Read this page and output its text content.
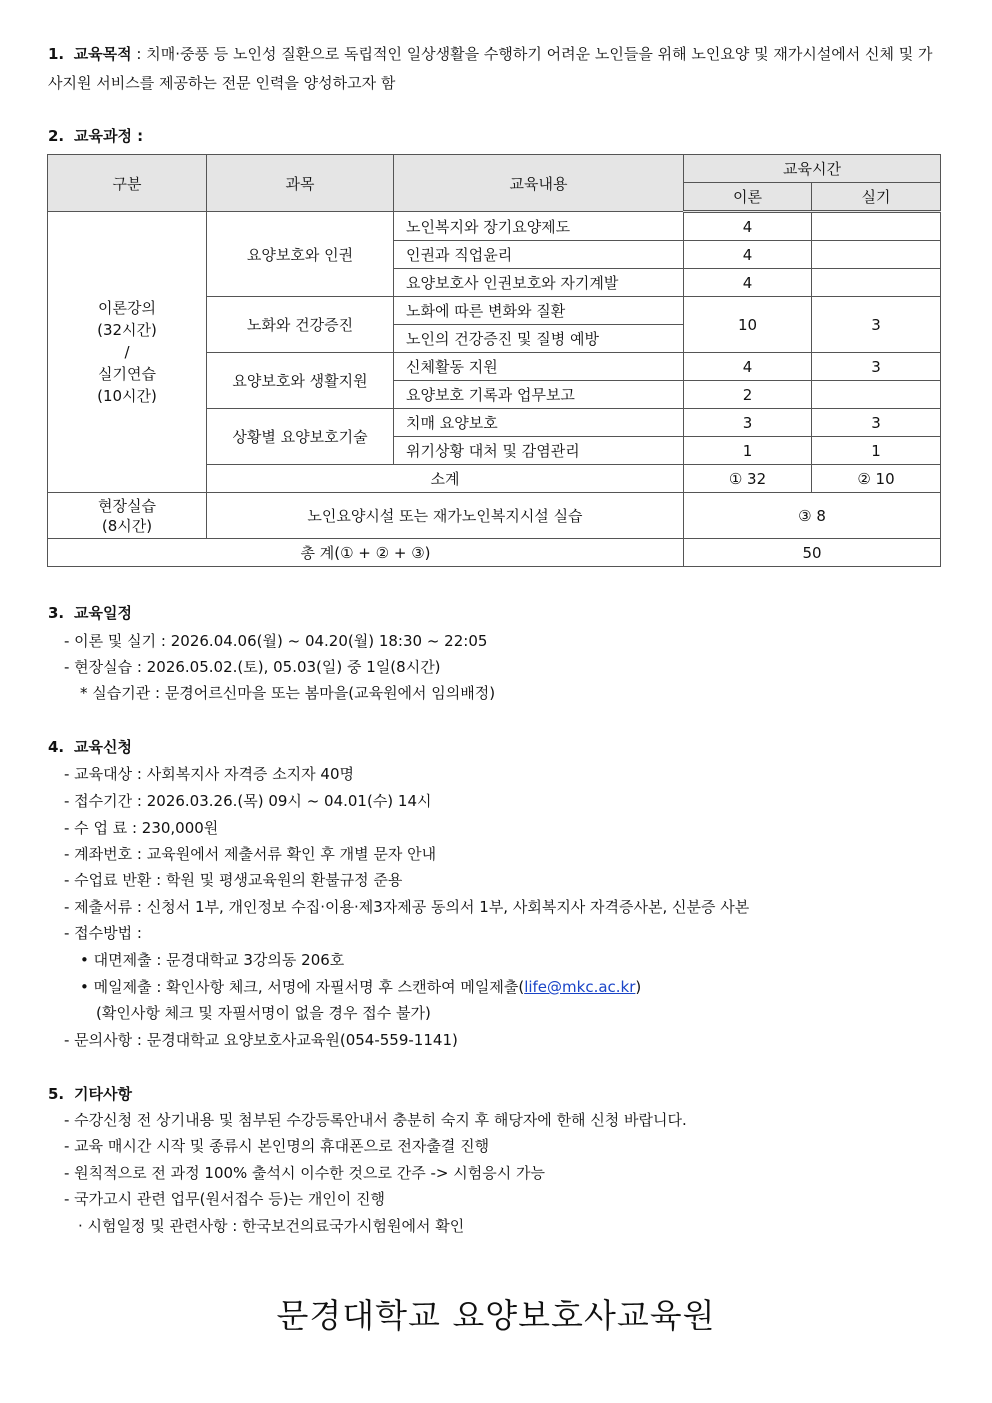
1. 교육목적 : 치매·중풍 등 노인성 질환으로 독립적인 일상생활을 수행하기 어려운 노인들을 위해 노인요양 및 재가시설에서 신체 및 가사지원 서비스를 제공하는 전문 인력을 양성하고자 함
2. 교육과정 :
구분	과목	교육내용	교육시간	
			이론	실기

이론강의
(32시간)
/
실기연습
(10시간)	요양보호와 인권	노인복지와 장기요양제도	4	
		인권과 직업윤리	4	
		요양보호사 인권보호와 자기계발	4	
	노화와 건강증진	노화에 따른 변화와 질환	10	3
		노인의 건강증진 및 질병 예방		
	요양보호와 생활지원	신체활동 지원	4	3
		요양보호 기록과 업무보고	2	
	상황별 요양보호기술	치매 요양보호	3	3
		위기상황 대처 및 감염관리	1	1
	소계		① 32	② 10

현장실습
(8시간)	노인요양시설 또는 재가노인복지시설 실습		③ 8	
총 계(① + ② + ③)			50	
3. 교육일정
- 이론 및 실기 : 2026.04.06(월) ~ 04.20(월) 18:30 ~ 22:05
- 현장실습 : 2026.05.02.(토), 05.03(일) 중 1일(8시간)
* 실습기관 : 문경어르신마을 또는 봄마을(교육원에서 임의배정)
4. 교육신청
- 교육대상 : 사회복지사 자격증 소지자 40명
- 접수기간 : 2026.03.26.(목) 09시 ~ 04.01(수) 14시
- 수 업 료 : 230,000원
- 계좌번호 : 교육원에서 제출서류 확인 후 개별 문자 안내
- 수업료 반환 : 학원 및 평생교육원의 환불규정 준용
- 제출서류 : 신청서 1부, 개인정보 수집·이용·제3자제공 동의서 1부, 사회복지사 자격증사본, 신분증 사본
- 접수방법 :
• 대면제출 : 문경대학교 3강의동 206호
• 메일제출 : 확인사항 체크, 서명에 자필서명 후 스캔하여 메일제출(life@mkc.ac.kr)
(확인사항 체크 및 자필서명이 없을 경우 접수 불가)
- 문의사항 : 문경대학교 요양보호사교육원(054-559-1141)
5. 기타사항
- 수강신청 전 상기내용 및 첨부된 수강등록안내서 충분히 숙지 후 해당자에 한해 신청 바랍니다.
- 교육 매시간 시작 및 종류시 본인명의 휴대폰으로 전자출결 진행
- 원칙적으로 전 과정 100% 출석시 이수한 것으로 간주 -> 시험응시 가능
- 국가고시 관련 업무(원서접수 등)는 개인이 진행
· 시험일정 및 관련사항 : 한국보건의료국가시험원에서 확인
문경대학교 요양보호사교육원
